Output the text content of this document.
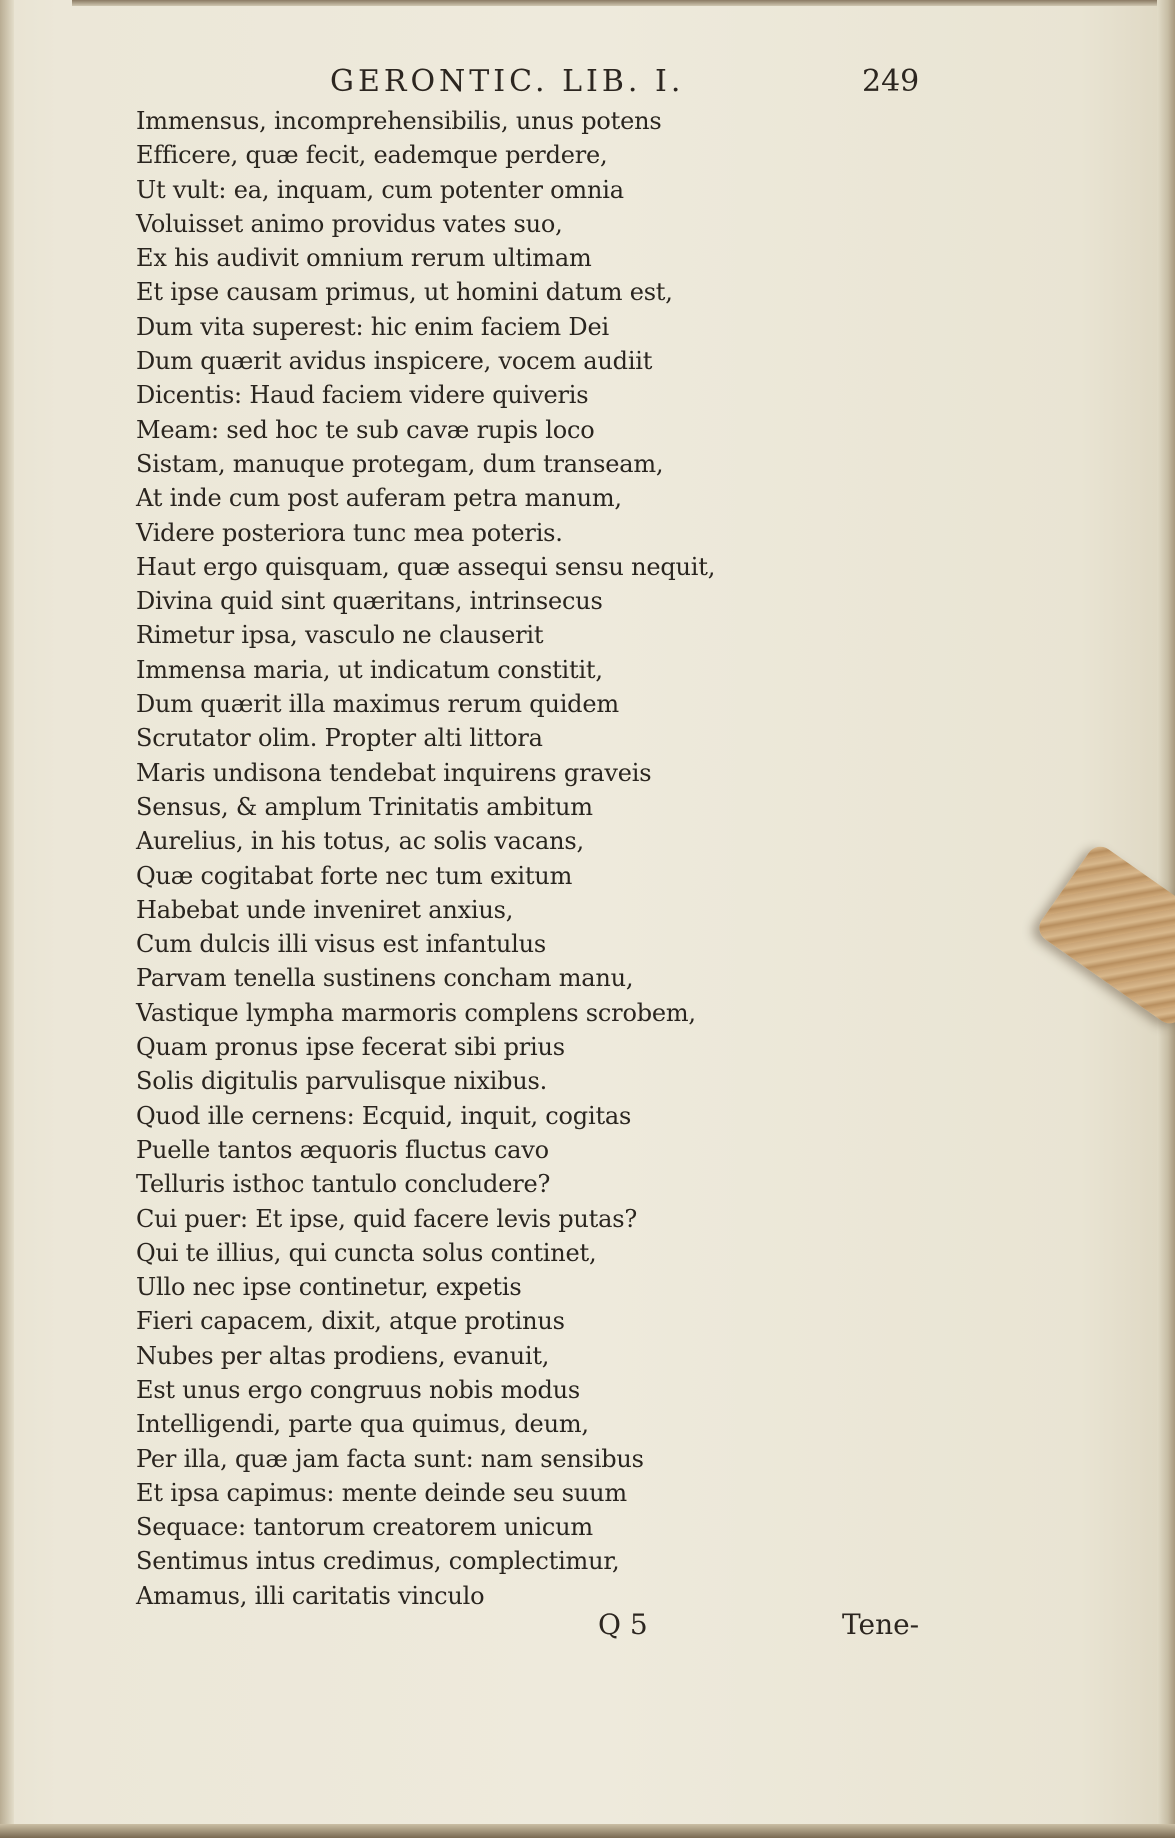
GERONTIC. LIB. I.	249
Immensus, incomprehensibilis, unus potens
Efficere, quæ fecit, eademque perdere,
Ut vult: ea, inquam, cum potenter omnia
Voluisset animo providus vates suo,
Ex his audivit omnium rerum ultimam
Et ipse causam primus, ut homini datum est,
Dum vita superest: hic enim faciem Dei
Dum quærit avidus inspicere, vocem audiit
Dicentis: Haud faciem videre quiveris
Meam: sed hoc te sub cavæ rupis loco
Sistam, manuque protegam, dum transeam,
At inde cum post auferam petra manum,
Videre posteriora tunc mea poteris.
Haut ergo quisquam, quæ assequi sensu nequit,
Divina quid sint quæritans, intrinsecus
Rimetur ipsa, vasculo ne clauserit
Immensa maria, ut indicatum constitit,
Dum quærit illa maximus rerum quidem
Scrutator olim. Propter alti littora
Maris undisona tendebat inquirens graveis
Sensus, & amplum Trinitatis ambitum
Aurelius, in his totus, ac solis vacans,
Quæ cogitabat forte nec tum exitum
Habebat unde inveniret anxius,
Cum dulcis illi visus est infantulus
Parvam tenella sustinens concham manu,
Vastique lympha marmoris complens scrobem,
Quam pronus ipse fecerat sibi prius
Solis digitulis parvulisque nixibus.
Quod ille cernens: Ecquid, inquit, cogitas
Puelle tantos æquoris fluctus cavo
Telluris isthoc tantulo concludere?
Cui puer: Et ipse, quid facere levis putas?
Qui te illius, qui cuncta solus continet,
Ullo nec ipse continetur, expetis
Fieri capacem, dixit, atque protinus
Nubes per altas prodiens, evanuit,
Est unus ergo congruus nobis modus
Intelligendi, parte qua quimus, deum,
Per illa, quæ jam facta sunt: nam sensibus
Et ipsa capimus: mente deinde seu suum
Sequace: tantorum creatorem unicum
Sentimus intus credimus, complectimur,
Amamus, illi caritatis vinculo
Q 5	Tene-
